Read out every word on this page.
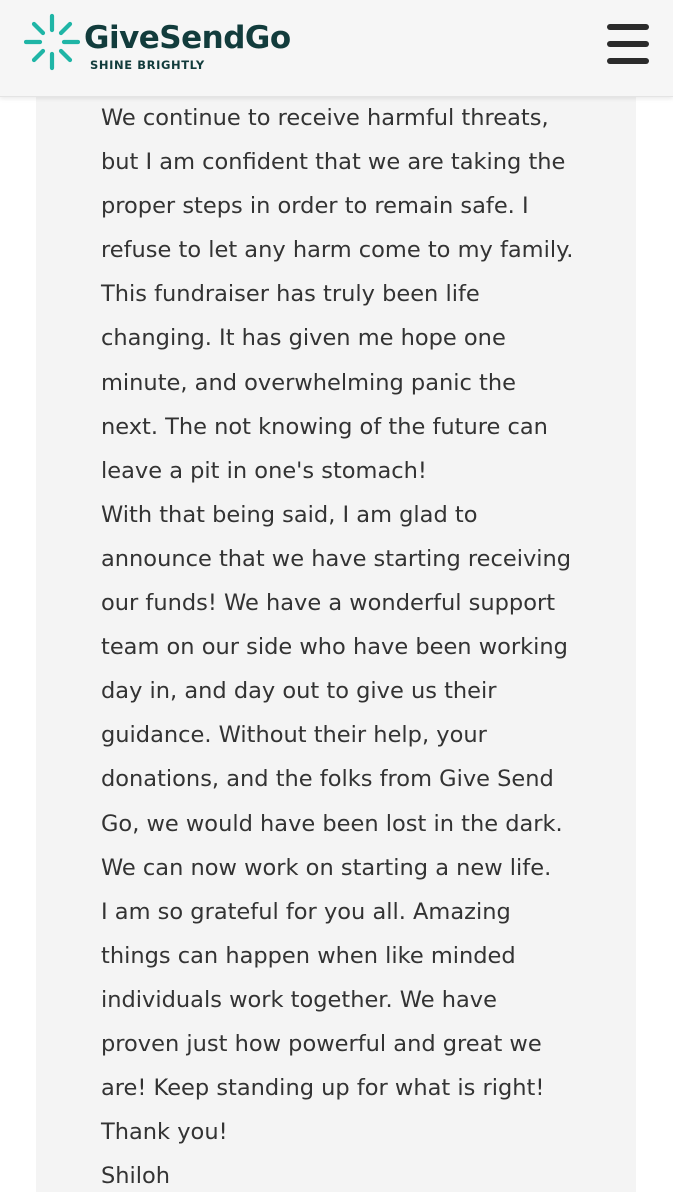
GiveSendGo
SHINE BRIGHTLY

We continue to receive harmful threats,

but I am confident that we are taking the

proper steps in order to remain safe. I

refuse to let any harm come to my family.

This fundraiser has truly been life

changing. It has given me hope one

minute, and overwhelming panic the

next. The not knowing of the future can

leave a pit in one's stomach!

With that being said, I am glad to

announce that we have starting receiving

our funds! We have a wonderful support

team on our side who have been working

day in, and day out to give us their

guidance. Without their help, your

donations, and the folks from Give Send

Go, we would have been lost in the dark.

We can now work on starting a new life.

I am so grateful for you all. Amazing

things can happen when like minded

individuals work together. We have

proven just how powerful and great we

are! Keep standing up for what is right!

Thank you!

Shiloh
